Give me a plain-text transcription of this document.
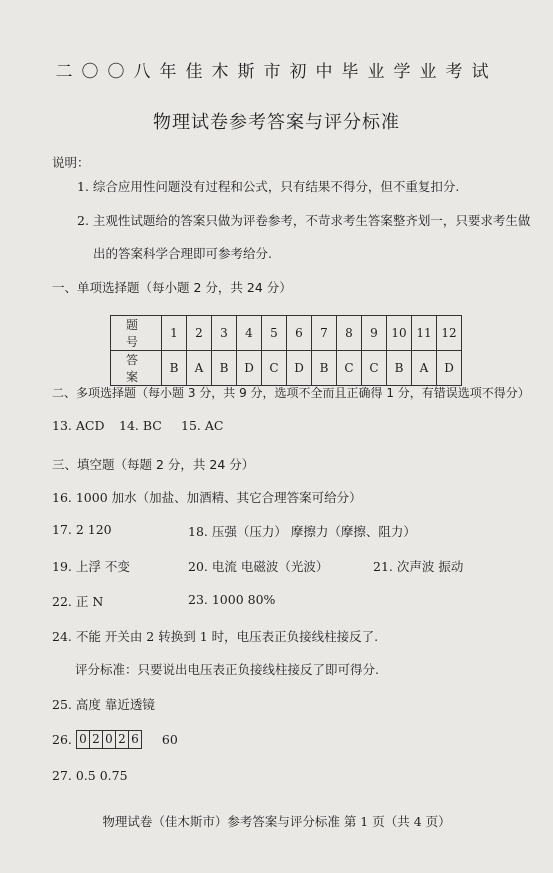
二〇〇八年佳木斯市初中毕业学业考试
物理试卷参考答案与评分标准
说明：
1. 综合应用性问题没有过程和公式，只有结果不得分，但不重复扣分.
2. 主观性试题给的答案只做为评卷参考，不苛求考生答案整齐划一，只要求考生做
出的答案科学合理即可参考给分.
一、单项选择题（每小题 2 分，共 24 分）
题 号	1	2	3	4	5	6	7	8	9	10	11	12
答 案	B	A	B	D	C	D	B	C	C	B	A	D
二、多项选择题（每小题 3 分，共 9 分，选项不全而且正确得 1 分，有错误选项不得分）
13. ACD 14. BC 15. AC
三、填空题（每题 2 分，共 24 分）
16. 1000 加水（加盐、加酒精、其它合理答案可给分）
17. 2 120	18. 压强（压力） 摩擦力（摩擦、阻力）
19. 上浮 不变	20. 电流 电磁波（光波）	21. 次声波 振动
22. 正 N	23. 1000 80%
24. 不能 开关由 2 转换到 1 时，电压表正负接线柱接反了.
评分标准：只要说出电压表正负接线柱接反了即可得分.
25. 高度 靠近透镜
26. 0 2 0 2 6 60
27. 0.5 0.75
物理试卷（佳木斯市）参考答案与评分标准 第 1 页（共 4 页）
